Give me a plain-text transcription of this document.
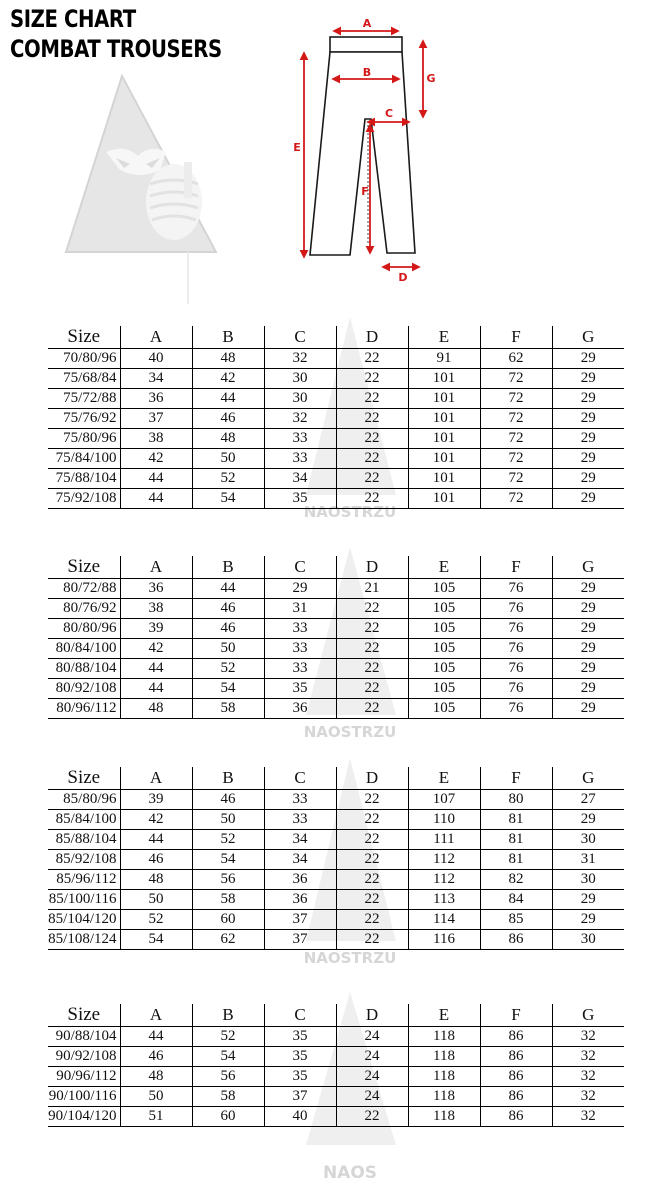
SIZE CHART
COMBAT TROUSERS
A
B
C
D
E
F
G
NAOSTRZU
NAOSTRZU
NAOSTRZU
NAOS
Size	A	B	C	D	E	F	G
70/80/96	40	48	32	22	91	62	29
75/68/84	34	42	30	22	101	72	29
75/72/88	36	44	30	22	101	72	29
75/76/92	37	46	32	22	101	72	29
75/80/96	38	48	33	22	101	72	29
75/84/100	42	50	33	22	101	72	29
75/88/104	44	52	34	22	101	72	29
75/92/108	44	54	35	22	101	72	29
Size	A	B	C	D	E	F	G
80/72/88	36	44	29	21	105	76	29
80/76/92	38	46	31	22	105	76	29
80/80/96	39	46	33	22	105	76	29
80/84/100	42	50	33	22	105	76	29
80/88/104	44	52	33	22	105	76	29
80/92/108	44	54	35	22	105	76	29
80/96/112	48	58	36	22	105	76	29
Size	A	B	C	D	E	F	G
85/80/96	39	46	33	22	107	80	27
85/84/100	42	50	33	22	110	81	29
85/88/104	44	52	34	22	111	81	30
85/92/108	46	54	34	22	112	81	31
85/96/112	48	56	36	22	112	82	30
85/100/116	50	58	36	22	113	84	29
85/104/120	52	60	37	22	114	85	29
85/108/124	54	62	37	22	116	86	30
Size	A	B	C	D	E	F	G
90/88/104	44	52	35	24	118	86	32
90/92/108	46	54	35	24	118	86	32
90/96/112	48	56	35	24	118	86	32
90/100/116	50	58	37	24	118	86	32
90/104/120	51	60	40	22	118	86	32
